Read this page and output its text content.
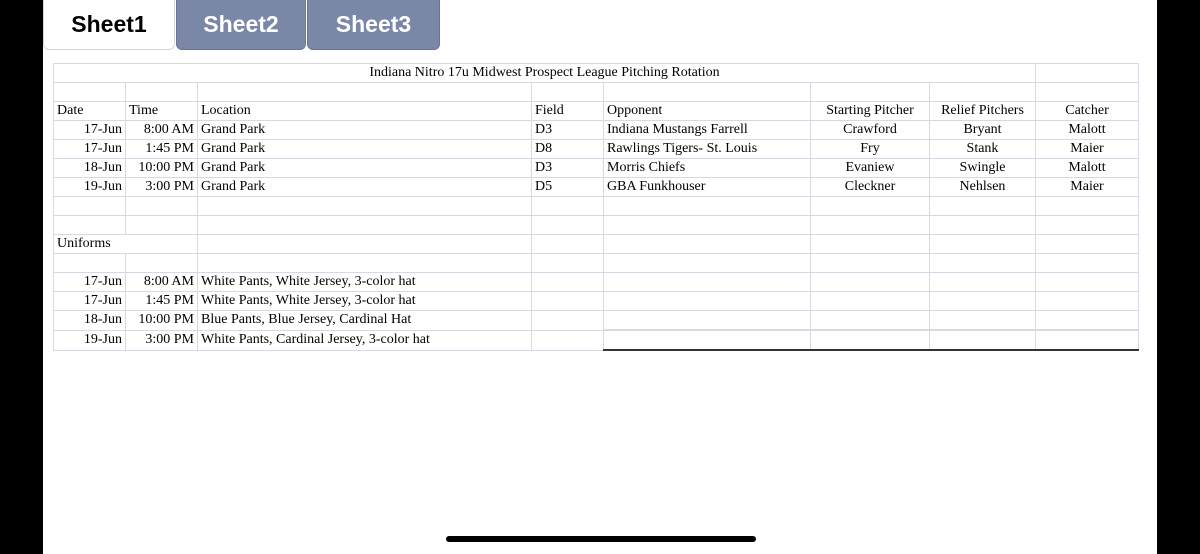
Sheet1	Sheet2	Sheet3
Indiana Nitro 17u Midwest Prospect League Pitching Rotation							

Date	Time	Location	Field	Opponent	Starting Pitcher	Relief Pitchers	Catcher
17-Jun	8:00 AM	Grand Park	D3	Indiana Mustangs Farrell	Crawford	Bryant	Malott
17-Jun	1:45 PM	Grand Park	D8	Rawlings Tigers- St. Louis	Fry	Stank	Maier
18-Jun	10:00 PM	Grand Park	D3	Morris Chiefs	Evaniew	Swingle	Malott
19-Jun	3:00 PM	Grand Park	D5	GBA Funkhouser	Cleckner	Nehlsen	Maier

Uniforms							

17-Jun	8:00 AM	White Pants, White Jersey, 3-color hat					
17-Jun	1:45 PM	White Pants, White Jersey, 3-color hat					
18-Jun	10:00 PM	Blue Pants, Blue Jersey, Cardinal Hat					
19-Jun	3:00 PM	White Pants, Cardinal Jersey, 3-color hat					
